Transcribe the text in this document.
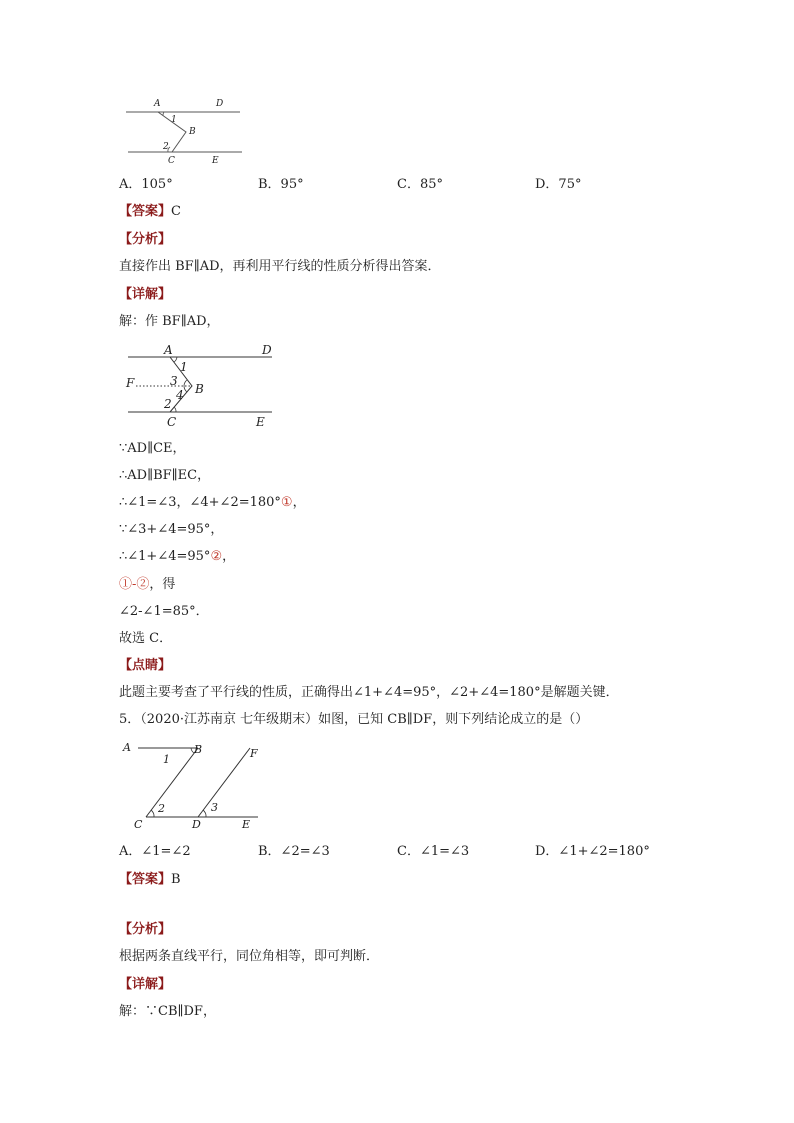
A	D
1
B
2
C	E
A．105°	B．95°	C．85°	D．75°
【答案】C
【分析】
直接作出 BF∥AD，再利用平行线的性质分析得出答案．
【详解】
解：作 BF∥AD，
A	D
1
F	3
B
4
2
C	E
∵AD∥CE，
∴AD∥BF∥EC，
∴∠1=∠3，∠4+∠2=180°①，
∵∠3+∠4=95°，
∴∠1+∠4=95°②，
①-②，得
∠2-∠1=85°．
故选 C．
【点睛】
此题主要考查了平行线的性质，正确得出∠1+∠4=95°，∠2+∠4=180°是解题关键．
5．（2020·江苏南京 七年级期末）如图，已知 CB∥DF，则下列结论成立的是（）
A	B	F
1
2	3
C	D	E
A．∠1=∠2	B．∠2=∠3	C．∠1=∠3	D．∠1+∠2=180°
【答案】B
【分析】
根据两条直线平行，同位角相等，即可判断．
【详解】
解：∵CB∥DF，
